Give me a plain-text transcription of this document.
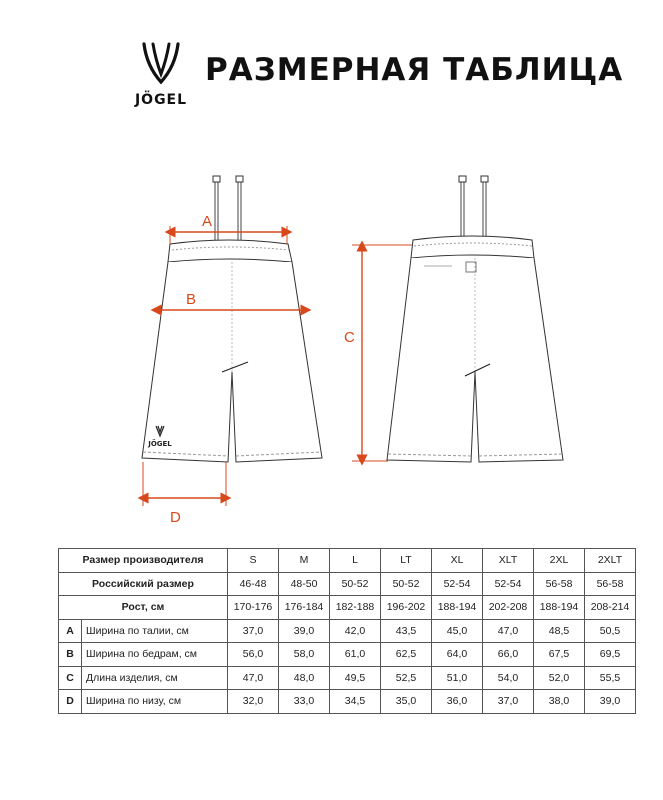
JÖGEL
РАЗМЕРНАЯ ТАБЛИЦА
JÖGEL
A
B
C
D
Размер производителя		S	M	L	LT	XL	XLT	2XL	2XLT
Российский размер		46-48	48-50	50-52	50-52	52-54	52-54	56-58	56-58
Рост, см		170-176	176-184	182-188	196-202	188-194	202-208	188-194	208-214
A	Ширина по талии, см	37,0	39,0	42,0	43,5	45,0	47,0	48,5	50,5
B	Ширина по бедрам, см	56,0	58,0	61,0	62,5	64,0	66,0	67,5	69,5
C	Длина изделия, см	47,0	48,0	49,5	52,5	51,0	54,0	52,0	55,5
D	Ширина по низу, см	32,0	33,0	34,5	35,0	36,0	37,0	38,0	39,0
